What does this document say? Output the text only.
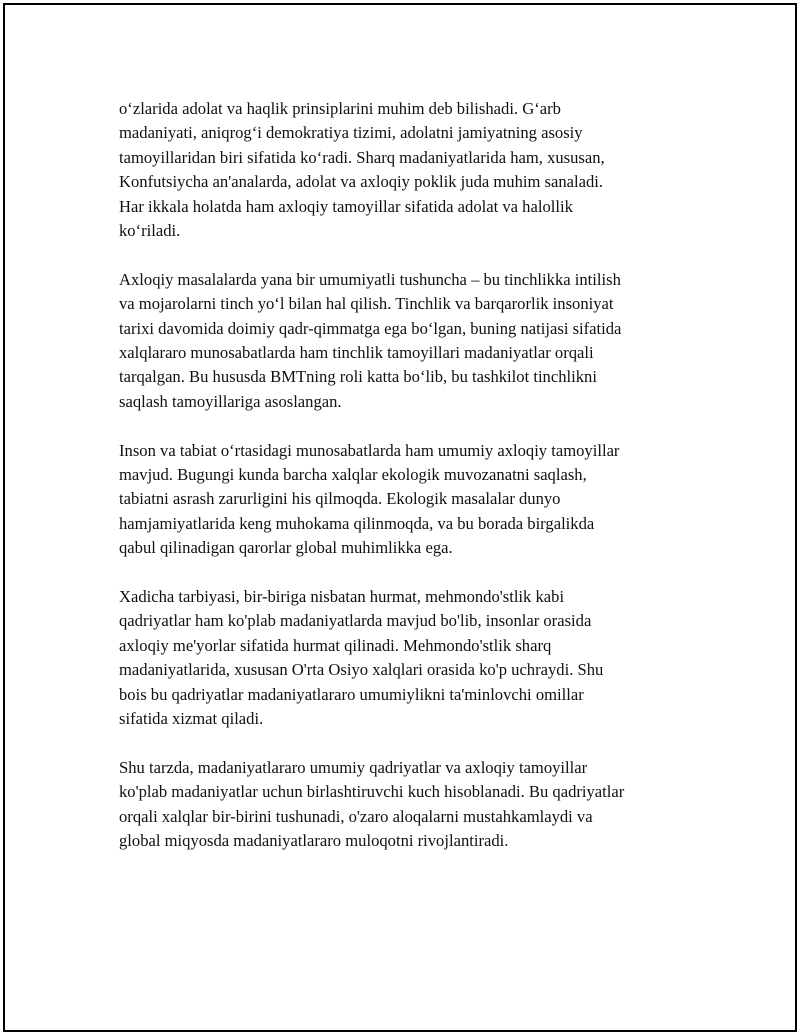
o‘zlarida adolat va haqlik prinsiplarini muhim deb bilishadi. G‘arb
madaniyati, aniqrog‘i demokratiya tizimi, adolatni jamiyatning asosiy
tamoyillaridan biri sifatida ko‘radi. Sharq madaniyatlarida ham, xususan,
Konfutsiycha an'analarda, adolat va axloqiy poklik juda muhim sanaladi.
Har ikkala holatda ham axloqiy tamoyillar sifatida adolat va halollik
ko‘riladi.

Axloqiy masalalarda yana bir umumiyatli tushuncha – bu tinchlikka intilish
va mojarolarni tinch yo‘l bilan hal qilish. Tinchlik va barqarorlik insoniyat
tarixi davomida doimiy qadr-qimmatga ega bo‘lgan, buning natijasi sifatida
xalqlararo munosabatlarda ham tinchlik tamoyillari madaniyatlar orqali
tarqalgan. Bu hususda BMTning roli katta bo‘lib, bu tashkilot tinchlikni
saqlash tamoyillariga asoslangan.

Inson va tabiat o‘rtasidagi munosabatlarda ham umumiy axloqiy tamoyillar
mavjud. Bugungi kunda barcha xalqlar ekologik muvozanatni saqlash,
tabiatni asrash zarurligini his qilmoqda. Ekologik masalalar dunyo
hamjamiyatlarida keng muhokama qilinmoqda, va bu borada birgalikda
qabul qilinadigan qarorlar global muhimlikka ega.

Xadicha tarbiyasi, bir-biriga nisbatan hurmat, mehmondo'stlik kabi
qadriyatlar ham ko'plab madaniyatlarda mavjud bo'lib, insonlar orasida
axloqiy me'yorlar sifatida hurmat qilinadi. Mehmondo'stlik sharq
madaniyatlarida, xususan O'rta Osiyo xalqlari orasida ko'p uchraydi. Shu
bois bu qadriyatlar madaniyatlararo umumiylikni ta'minlovchi omillar
sifatida xizmat qiladi.

Shu tarzda, madaniyatlararo umumiy qadriyatlar va axloqiy tamoyillar
ko'plab madaniyatlar uchun birlashtiruvchi kuch hisoblanadi. Bu qadriyatlar
orqali xalqlar bir-birini tushunadi, o'zaro aloqalarni mustahkamlaydi va
global miqyosda madaniyatlararo muloqotni rivojlantiradi.
